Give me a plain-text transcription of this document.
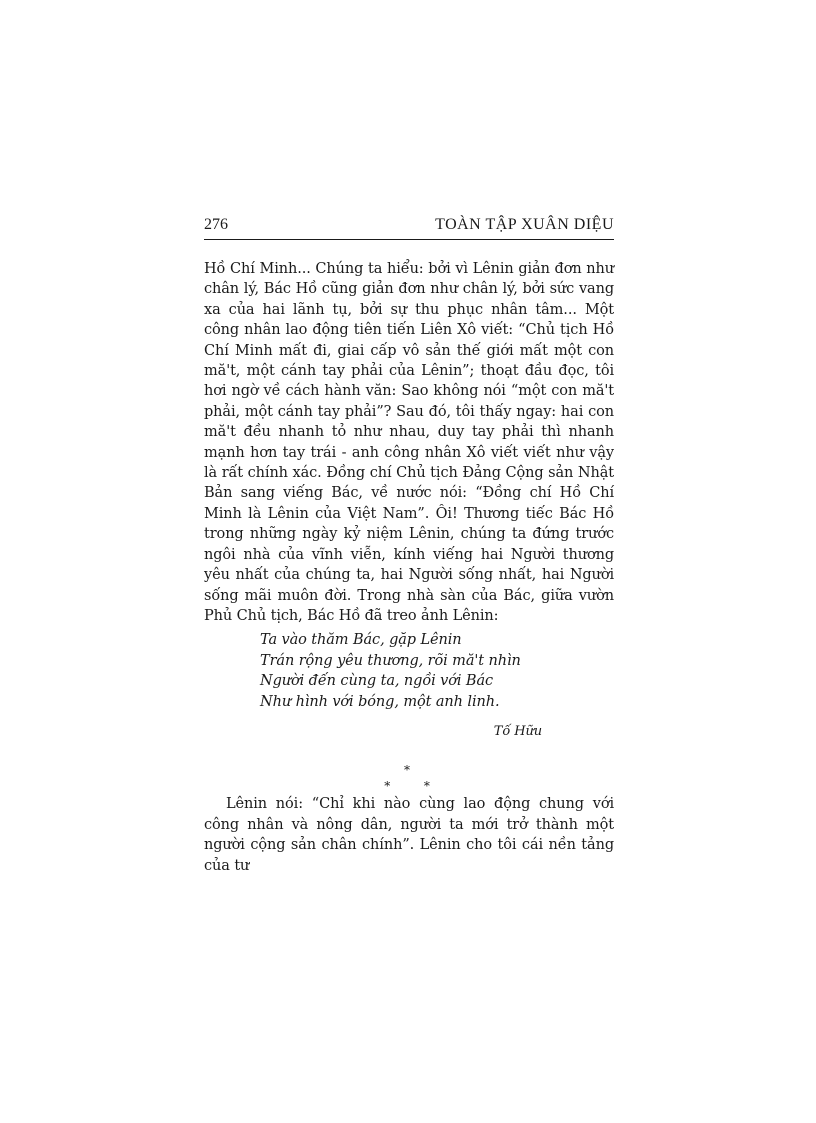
276	TOÀN TẬP XUÂN DIỆU

Hồ Chí Minh... Chúng ta hiểu: bởi vì Lênin giản đơn như chân lý, Bác Hồ cũng giản đơn như chân lý, bởi sức vang xa của hai lãnh tụ, bởi sự thu phục nhân tâm... Một công nhân lao động tiên tiến Liên Xô viết: “Chủ tịch Hồ Chí Minh mất đi, giai cấp vô sản thế giới mất một con mă't, một cánh tay phải của Lênin”; thoạt đầu đọc, tôi hơi ngờ về cách hành văn: Sao không nói “một con mă't phải, một cánh tay phải”? Sau đó, tôi thấy ngay: hai con mă't đều nhanh tỏ như nhau, duy tay phải thì nhanh mạnh hơn tay trái - anh công nhân Xô viết viết như vậy là rất chính xác. Đồng chí Chủ tịch Đảng Cộng sản Nhật Bản sang viếng Bác, về nước nói: “Đồng chí Hồ Chí Minh là Lênin của Việt Nam”. Ôi! Thương tiếc Bác Hồ trong những ngày kỷ niệm Lênin, chúng ta đứng trước ngôi nhà của vĩnh viễn, kính viếng hai Người thương yêu nhất của chúng ta, hai Người sống nhất, hai Người sống mãi muôn đời. Trong nhà sàn của Bác, giữa vườn Phủ Chủ tịch, Bác Hồ đã treo ảnh Lênin:

Ta vào thăm Bác, gặp Lênin
Trán rộng yêu thương, rõi mă't nhìn
Người đến cùng ta, ngồi với Bác
Như hình với bóng, một anh linh.
Tố Hữu
*
* *

Lênin nói: “Chỉ khi nào cùng lao động chung với công nhân và nông dân, người ta mới trở thành một người cộng sản chân chính”. Lênin cho tôi cái nền tảng của tư
